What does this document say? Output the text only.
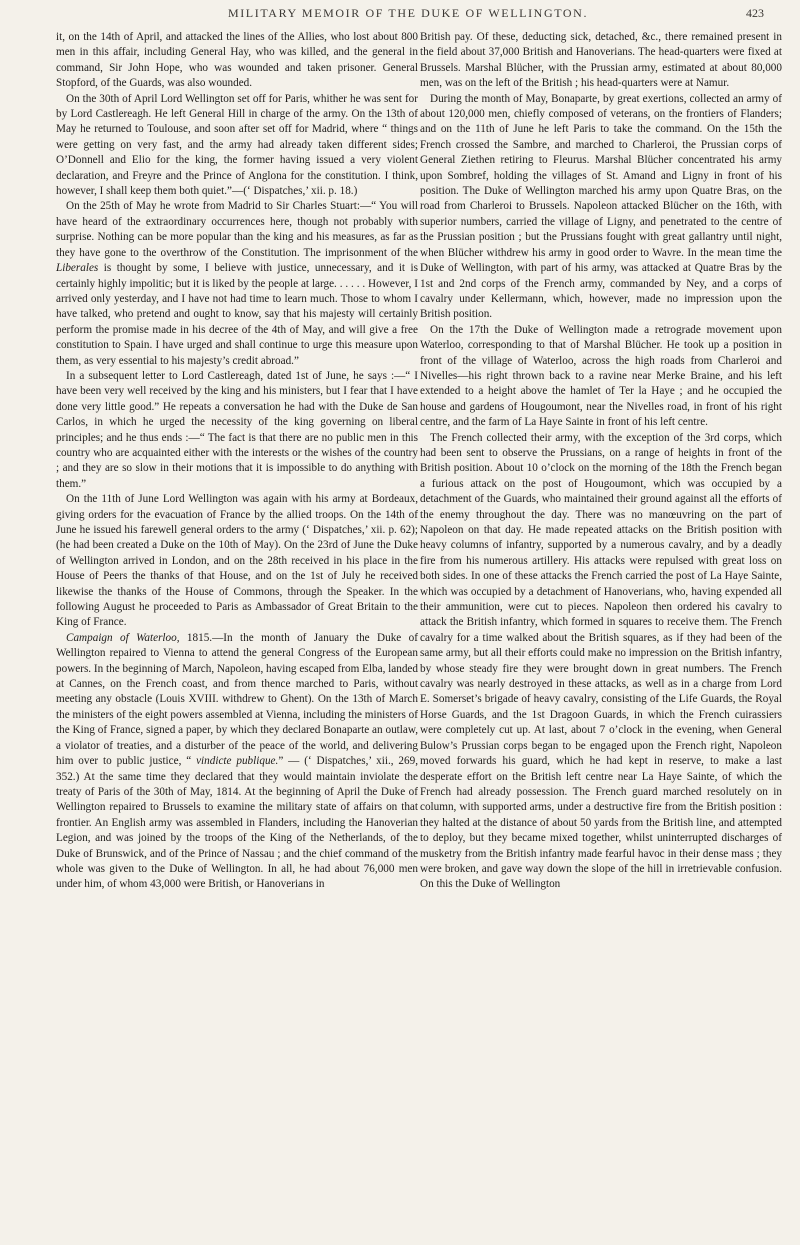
MILITARY MEMOIR OF THE DUKE OF WELLINGTON.	423

it, on the 14th of April, and attacked the lines of the Allies, who lost about 800 men in this affair, including General Hay, who was killed, and the general in command, Sir John Hope, who was wounded and taken prisoner. General Stopford, of the Guards, was also wounded.

On the 30th of April Lord Wellington set off for Paris, whither he was sent for by Lord Castlereagh. He left General Hill in charge of the army. On the 13th of May he returned to Toulouse, and soon after set off for Madrid, where “ things were getting on very fast, and the army had already taken different sides; O’Donnell and Elio for the king, the former having issued a very violent declaration, and Freyre and the Prince of Anglona for the constitution. I think, however, I shall keep them both quiet.”—(‘ Dispatches,’ xii. p. 18.)

On the 25th of May he wrote from Madrid to Sir Charles Stuart:—“ You will have heard of the extraordinary occurrences here, though not probably with surprise. Nothing can be more popular than the king and his measures, as far as they have gone to the overthrow of the Constitution. The imprisonment of the Liberales is thought by some, I believe with justice, unnecessary, and it is certainly highly impolitic; but it is liked by the people at large. . . . . . However, I arrived only yesterday, and I have not had time to learn much. Those to whom I have talked, who pretend and ought to know, say that his majesty will certainly perform the promise made in his decree of the 4th of May, and will give a free constitution to Spain. I have urged and shall continue to urge this measure upon them, as very essential to his majesty’s credit abroad.”

In a subsequent letter to Lord Castlereagh, dated 1st of June, he says :—“ I have been very well received by the king and his ministers, but I fear that I have done very little good.” He repeats a conversation he had with the Duke de San Carlos, in which he urged the necessity of the king governing on liberal principles; and he thus ends :—“ The fact is that there are no public men in this country who are acquainted either with the interests or the wishes of the country ; and they are so slow in their motions that it is impossible to do anything with them.”

On the 11th of June Lord Wellington was again with his army at Bordeaux, giving orders for the evacuation of France by the allied troops. On the 14th of June he issued his farewell general orders to the army (‘ Dispatches,’ xii. p. 62); (he had been created a Duke on the 10th of May). On the 23rd of June the Duke of Wellington arrived in London, and on the 28th received in his place in the House of Peers the thanks of that House, and on the 1st of July he received likewise the thanks of the House of Commons, through the Speaker. In the following August he proceeded to Paris as Ambassador of Great Britain to the King of France.

Campaign of Waterloo, 1815.—In the month of January the Duke of Wellington repaired to Vienna to attend the general Congress of the European powers. In the beginning of March, Napoleon, having escaped from Elba, landed at Cannes, on the French coast, and from thence marched to Paris, without meeting any obstacle (Louis XVIII. withdrew to Ghent). On the 13th of March the ministers of the eight powers assembled at Vienna, including the ministers of the King of France, signed a paper, by which they declared Bonaparte an outlaw, a violator of treaties, and a disturber of the peace of the world, and delivering him over to public justice, “ vindicte publique.” — (‘ Dispatches,’ xii., 269, 352.) At the same time they declared that they would maintain inviolate the treaty of Paris of the 30th of May, 1814. At the beginning of April the Duke of Wellington repaired to Brussels to examine the military state of affairs on that frontier. An English army was assembled in Flanders, including the Hanoverian Legion, and was joined by the troops of the King of the Netherlands, of the Duke of Brunswick, and of the Prince of Nassau ; and the chief command of the whole was given to the Duke of Wellington. In all, he had about 76,000 men under him, of whom 43,000 were British, or Hanoverians in

British pay. Of these, deducting sick, detached, &c., there remained present in the field about 37,000 British and Hanoverians. The head-quarters were fixed at Brussels. Marshal Blücher, with the Prussian army, estimated at about 80,000 men, was on the left of the British ; his head-quarters were at Namur.

During the month of May, Bonaparte, by great exertions, collected an army of about 120,000 men, chiefly composed of veterans, on the frontiers of Flanders; and on the 11th of June he left Paris to take the command. On the 15th the French crossed the Sambre, and marched to Charleroi, the Prussian corps of General Ziethen retiring to Fleurus. Marshal Blücher concentrated his army upon Sombref, holding the villages of St. Amand and Ligny in front of his position. The Duke of Wellington marched his army upon Quatre Bras, on the road from Charleroi to Brussels. Napoleon attacked Blücher on the 16th, with superior numbers, carried the village of Ligny, and penetrated to the centre of the Prussian position ; but the Prussians fought with great gallantry until night, when Blücher withdrew his army in good order to Wavre. In the mean time the Duke of Wellington, with part of his army, was attacked at Quatre Bras by the 1st and 2nd corps of the French army, commanded by Ney, and a corps of cavalry under Kellermann, which, however, made no impression upon the British position.

On the 17th the Duke of Wellington made a retrograde movement upon Waterloo, corresponding to that of Marshal Blücher. He took up a position in front of the village of Waterloo, across the high roads from Charleroi and Nivelles—his right thrown back to a ravine near Merke Braine, and his left extended to a height above the hamlet of Ter la Haye ; and he occupied the house and gardens of Hougoumont, near the Nivelles road, in front of his right centre, and the farm of La Haye Sainte in front of his left centre.

The French collected their army, with the exception of the 3rd corps, which had been sent to observe the Prussians, on a range of heights in front of the British position. About 10 o’clock on the morning of the 18th the French began a furious attack on the post of Hougoumont, which was occupied by a detachment of the Guards, who maintained their ground against all the efforts of the enemy throughout the day. There was no manœuvring on the part of Napoleon on that day. He made repeated attacks on the British position with heavy columns of infantry, supported by a numerous cavalry, and by a deadly fire from his numerous artillery. His attacks were repulsed with great loss on both sides. In one of these attacks the French carried the post of La Haye Sainte, which was occupied by a detachment of Hanoverians, who, having expended all their ammunition, were cut to pieces. Napoleon then ordered his cavalry to attack the British infantry, which formed in squares to receive them. The French cavalry for a time walked about the British squares, as if they had been of the same army, but all their efforts could make no impression on the British infantry, by whose steady fire they were brought down in great numbers. The French cavalry was nearly destroyed in these attacks, as well as in a charge from Lord E. Somerset’s brigade of heavy cavalry, consisting of the Life Guards, the Royal Horse Guards, and the 1st Dragoon Guards, in which the French cuirassiers were completely cut up. At last, about 7 o’clock in the evening, when General Bulow’s Prussian corps began to be engaged upon the French right, Napoleon moved forwards his guard, which he had kept in reserve, to make a last desperate effort on the British left centre near La Haye Sainte, of which the French had already possession. The French guard marched resolutely on in column, with supported arms, under a destructive fire from the British position : they halted at the distance of about 50 yards from the British line, and attempted to deploy, but they became mixed together, whilst uninterrupted discharges of musketry from the British infantry made fearful havoc in their dense mass ; they were broken, and gave way down the slope of the hill in irretrievable confusion. On this the Duke of Wellington
